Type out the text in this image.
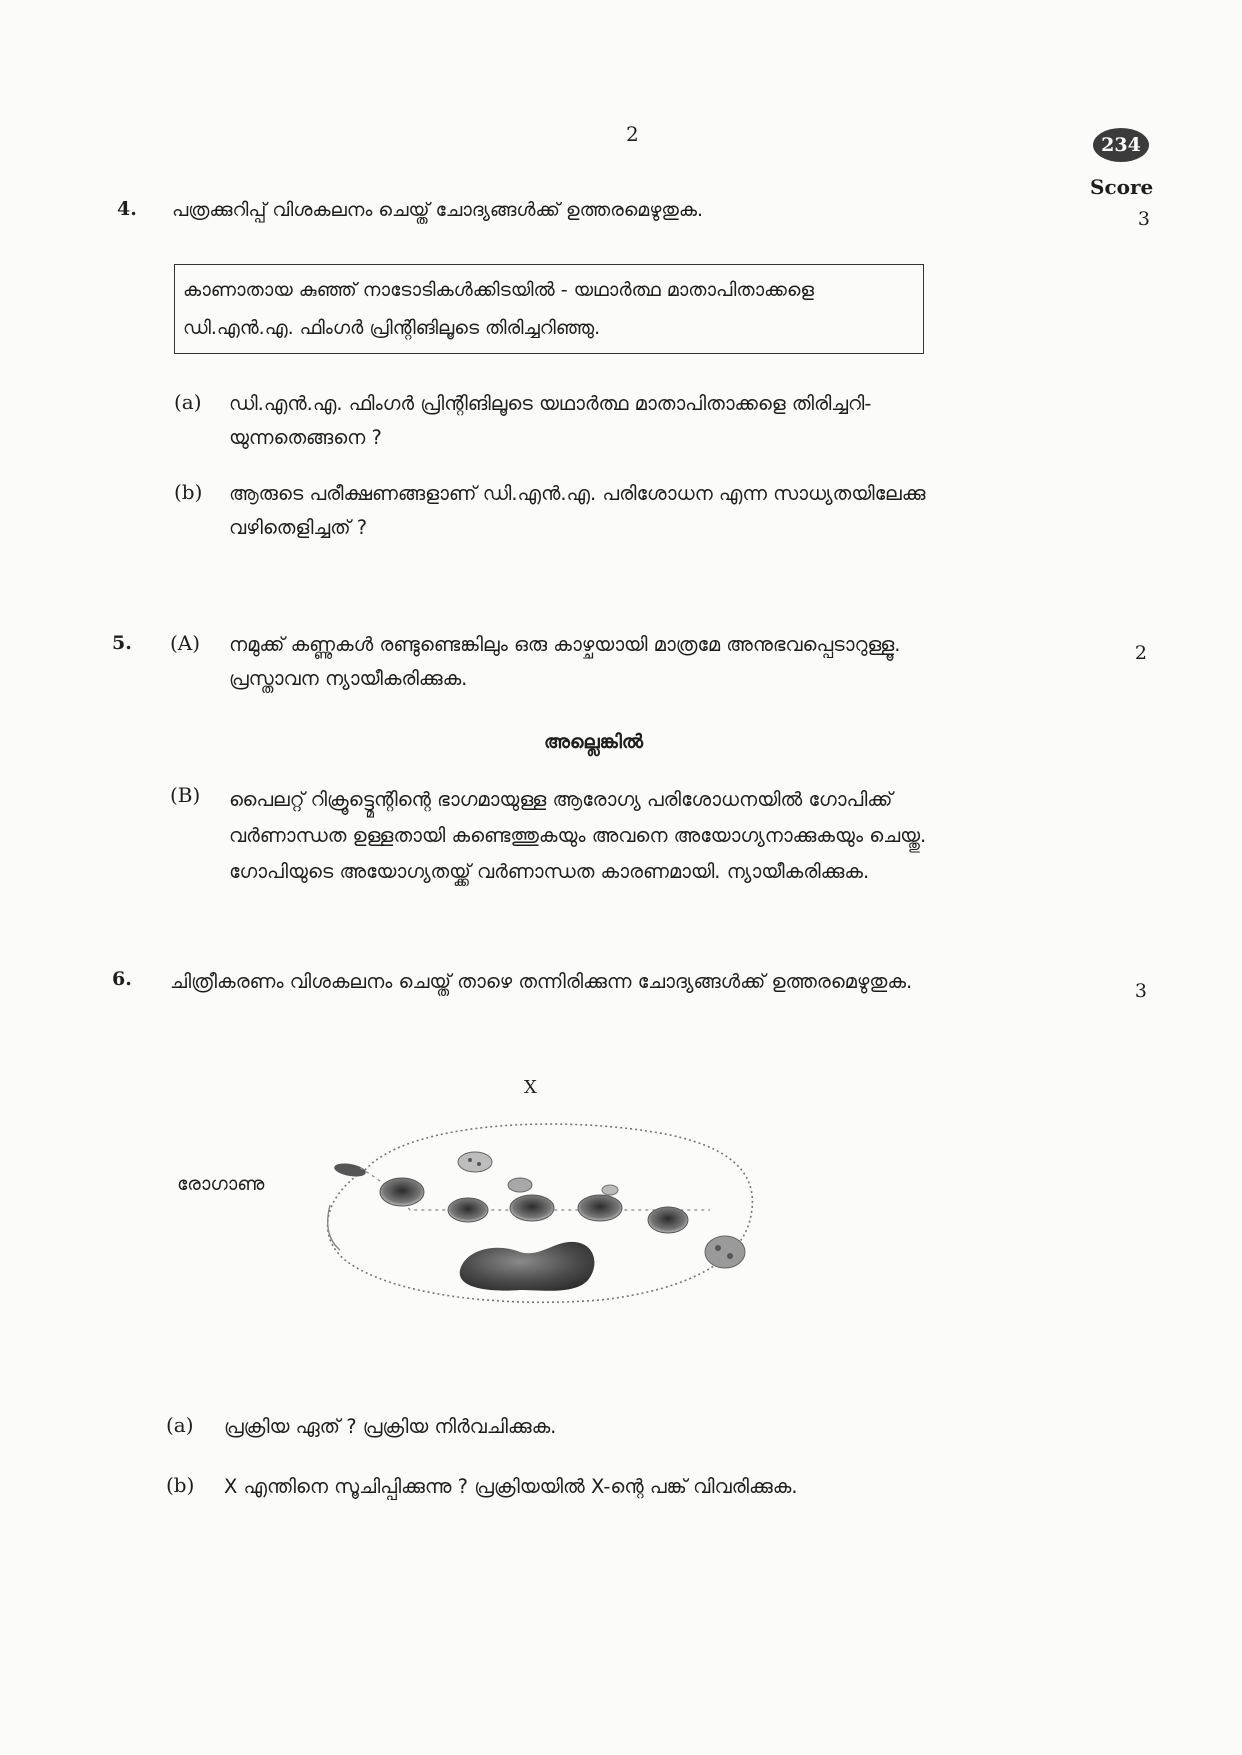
2	234
Score
4. പത്രക്കുറിപ്പ് വിശകലനം ചെയ്ത് ചോദ്യങ്ങൾക്ക് ഉത്തരമെഴുതുക.	3
കാണാതായ കുഞ്ഞ് നാടോടികൾക്കിടയിൽ - യഥാർത്ഥ മാതാപിതാക്കളെ
ഡി.എൻ.എ. ഫിംഗർ പ്രിന്റിങിലൂടെ തിരിച്ചറിഞ്ഞു.
(a) ഡി.എൻ.എ. ഫിംഗർ പ്രിന്റിങിലൂടെ യഥാർത്ഥ മാതാപിതാക്കളെ തിരിച്ചറി-
യുന്നതെങ്ങനെ ?
(b) ആരുടെ പരീക്ഷണങ്ങളാണ് ഡി.എൻ.എ. പരിശോധന എന്ന സാധ്യതയിലേക്കു
വഴിതെളിച്ചത് ?
5. (A) നമുക്ക് കണ്ണുകൾ രണ്ടുണ്ടെങ്കിലും ഒരു കാഴ്ചയായി മാത്രമേ അനുഭവപ്പെടാറുള്ളൂ.
പ്രസ്താവന ന്യായീകരിക്കുക.
2
അല്ലെങ്കിൽ
(B) പൈലറ്റ് റിക്രൂട്ട്മെന്റിന്റെ ഭാഗമായുള്ള ആരോഗ്യ പരിശോധനയിൽ ഗോപിക്ക്
വർണാന്ധത ഉള്ളതായി കണ്ടെത്തുകയും അവനെ അയോഗ്യനാക്കുകയും ചെയ്തു.
ഗോപിയുടെ അയോഗ്യതയ്ക്ക് വർണാന്ധത കാരണമായി. ന്യായീകരിക്കുക.
6. ചിത്രീകരണം വിശകലനം ചെയ്ത് താഴെ തന്നിരിക്കുന്ന ചോദ്യങ്ങൾക്ക് ഉത്തരമെഴുതുക.	3
X
രോഗാണു
(a) പ്രക്രിയ ഏത് ? പ്രക്രിയ നിർവചിക്കുക.
(b) X എന്തിനെ സൂചിപ്പിക്കുന്നു ? പ്രക്രിയയിൽ X-ന്റെ പങ്ക് വിവരിക്കുക.
